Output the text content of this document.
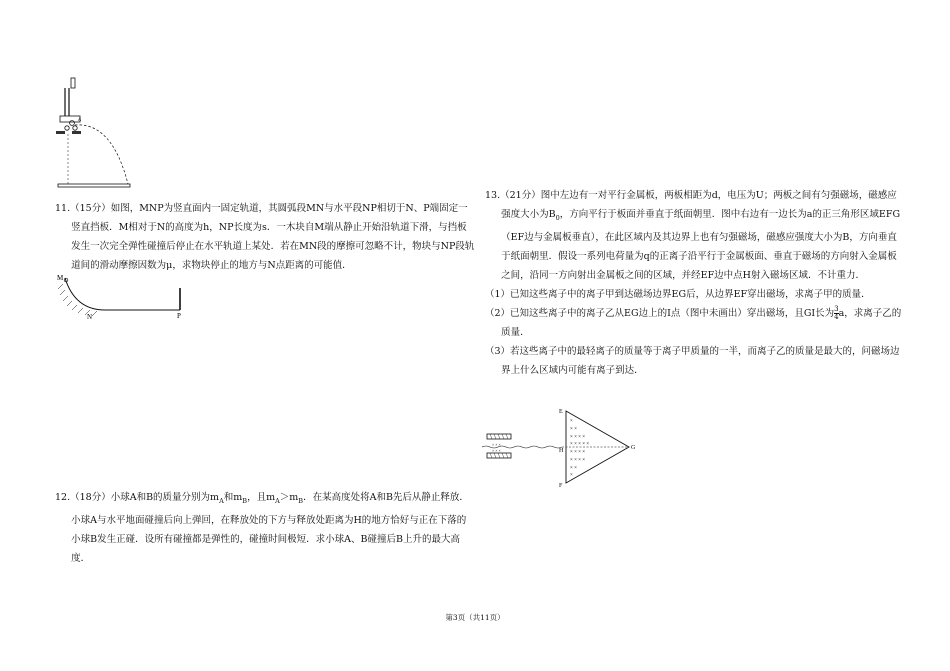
A

11.（15分）如图，MNP为竖直面内一固定轨道，其圆弧段MN与水平段NP相切于N、P端固定一竖直挡板．M相对于N的高度为h，NP长度为s．一木块自M端从静止开始沿轨道下滑，与挡板发生一次完全弹性碰撞后停止在水平轨道上某处．若在MN段的摩擦可忽略不计，物块与NP段轨道间的滑动摩擦因数为μ，求物块停止的地方与N点距离的可能值．

M
N	P

12.（18分）小球A和B的质量分别为$m_A$和$m_B$，且$m_A>m_B$．在某高度处将A和B先后从静止释放．小球A与水平地面碰撞后向上弹回，在释放处的下方与释放处距离为H的地方恰好与正在下落的小球B发生正碰．设所有碰撞都是弹性的，碰撞时间极短．求小球A、B碰撞后B上升的最大高度．

13.（21分）图中左边有一对平行金属板，两板相距为d，电压为U；两板之间有匀强磁场，磁感应强度大小为$B_0$，方向平行于板面并垂直于纸面朝里．图中右边有一边长为a的正三角形区域EFG（EF边与金属板垂直），在此区域内及其边界上也有匀强磁场，磁感应强度大小为B，方向垂直于纸面朝里．假设一系列电荷量为q的正离子沿平行于金属板面、垂直于磁场的方向射入金属板之间，沿同一方向射出金属板之间的区域，并经EF边中点H射入磁场区域．不计重力．

（1）已知这些离子中的离子甲到达磁场边界EG后，从边界EF穿出磁场，求离子甲的质量．

（2）已知这些离子中的离子乙从EG边上的I点（图中未画出）穿出磁场，且GI长为 $\frac{3}{4}$ a，求离子乙的质量．

（3）若这些离子中的最轻离子的质量等于离子甲质量的一半，而离子乙的质量是最大的，问磁场边界上什么区域内可能有离子到达．

× × ×
× × ×
×
× ×
× × × ×
× × × × ×
× × × ×
× × × ×
× ×
×
E
H
F
G
第3页（共11页）
